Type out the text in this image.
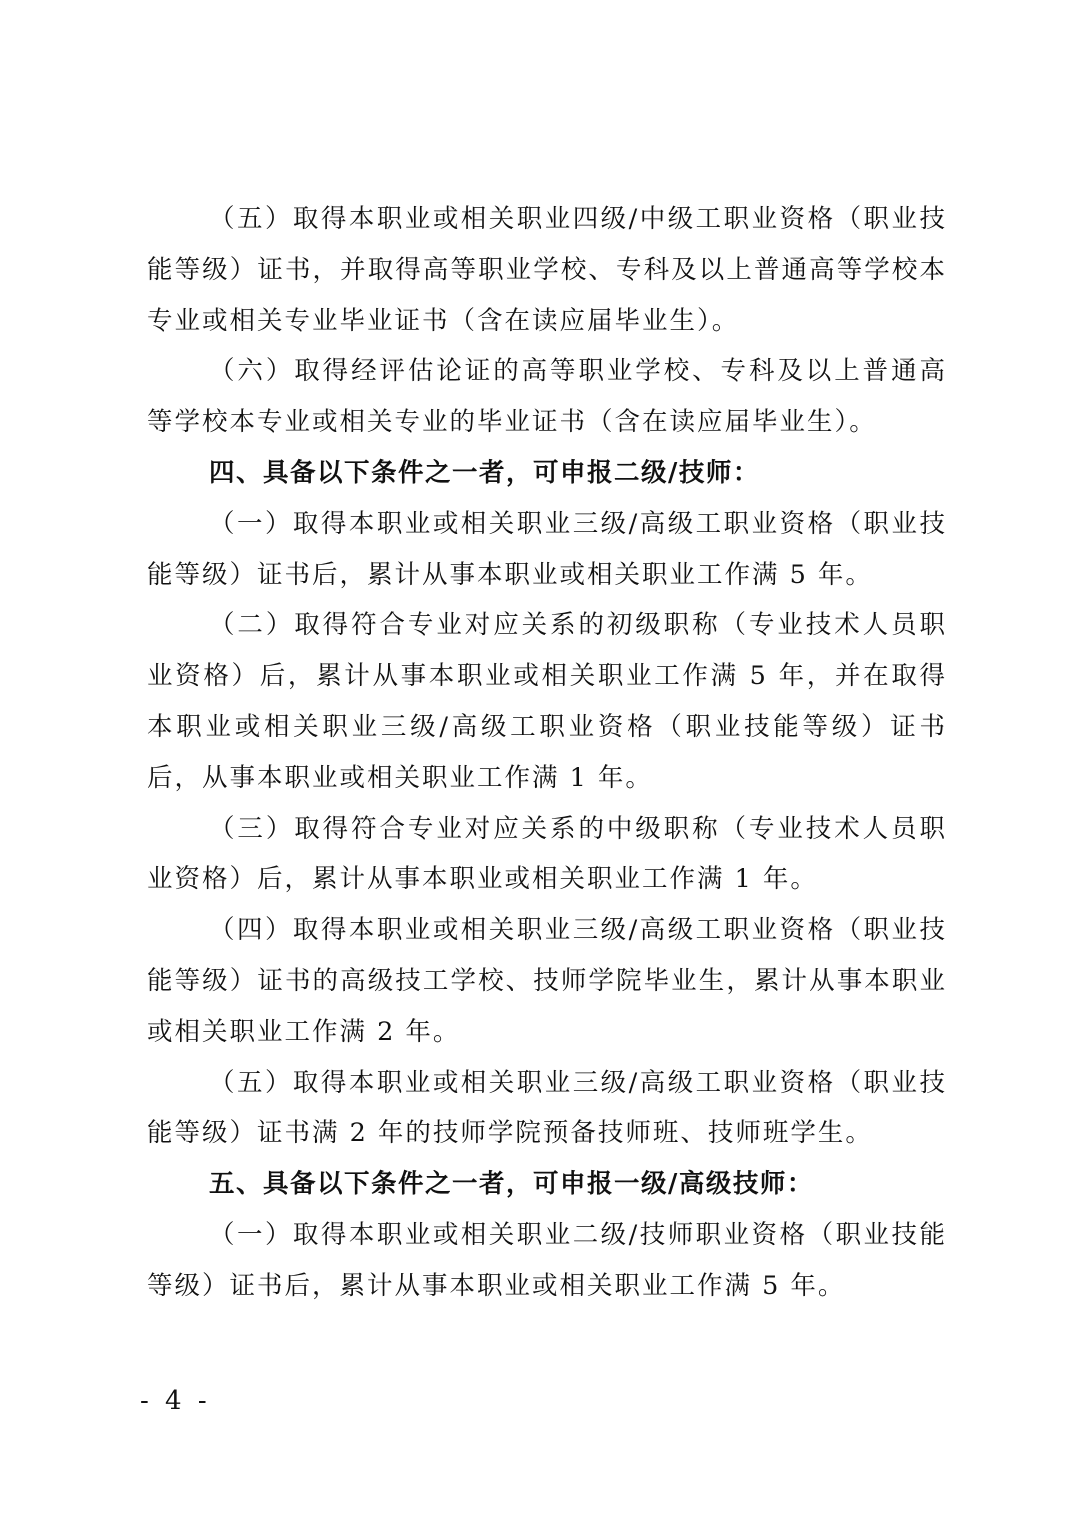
（五）取得本职业或相关职业四级/中级工职业资格（职业技能等级）证书，并取得高等职业学校、专科及以上普通高等学校本专业或相关专业毕业证书（含在读应届毕业生）。

（六）取得经评估论证的高等职业学校、专科及以上普通高等学校本专业或相关专业的毕业证书（含在读应届毕业生）。

四、具备以下条件之一者，可申报二级/技师：

（一）取得本职业或相关职业三级/高级工职业资格（职业技能等级）证书后，累计从事本职业或相关职业工作满 5 年。

（二）取得符合专业对应关系的初级职称（专业技术人员职业资格）后，累计从事本职业或相关职业工作满 5 年，并在取得本职业或相关职业三级/高级工职业资格（职业技能等级）证书后，从事本职业或相关职业工作满 1 年。

（三）取得符合专业对应关系的中级职称（专业技术人员职业资格）后，累计从事本职业或相关职业工作满 1 年。

（四）取得本职业或相关职业三级/高级工职业资格（职业技能等级）证书的高级技工学校、技师学院毕业生，累计从事本职业或相关职业工作满 2 年。

（五）取得本职业或相关职业三级/高级工职业资格（职业技能等级）证书满 2 年的技师学院预备技师班、技师班学生。

五、具备以下条件之一者，可申报一级/高级技师：

（一）取得本职业或相关职业二级/技师职业资格（职业技能等级）证书后，累计从事本职业或相关职业工作满 5 年。

- 4 -
